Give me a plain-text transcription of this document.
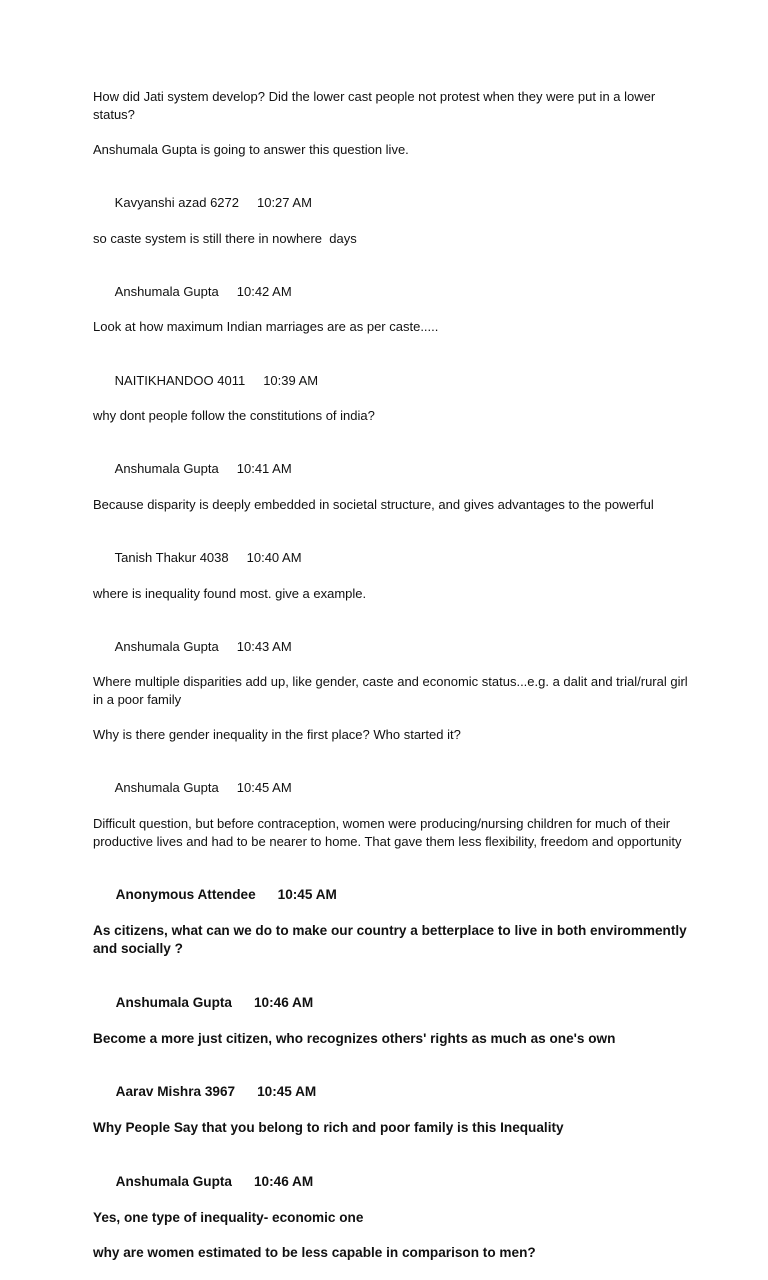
How did Jati system develop? Did the lower cast people not protest when they were put in a lower status?
Anshumala Gupta is going to answer this question live.

Kavyanshi azad 6272 10:27 AM

so caste system is still there in nowhere  days

Anshumala Gupta 10:42 AM

Look at how maximum Indian marriages are as per caste.....

NAITIKHANDOO 4011 10:39 AM

why dont people follow the constitutions of india?

Anshumala Gupta 10:41 AM

Because disparity is deeply embedded in societal structure, and gives advantages to the powerful

Tanish Thakur 4038 10:40 AM

where is inequality found most. give a example.

Anshumala Gupta 10:43 AM

Where multiple disparities add up, like gender, caste and economic status...e.g. a dalit and trial/rural girl in a poor family
Why is there gender inequality in the first place? Who started it?

Anshumala Gupta 10:45 AM

Difficult question, but before contraception, women were producing/nursing children for much of their productive lives and had to be nearer to home. That gave them less flexibility, freedom and opportunity

Anonymous Attendee 10:45 AM

As citizens, what can we do to make our country a betterplace to live in both envirommently and socially ?

Anshumala Gupta 10:46 AM

Become a more just citizen, who recognizes others' rights as much as one's own

Aarav Mishra 3967 10:45 AM

Why People Say that you belong to rich and poor family is this Inequality

Anshumala Gupta 10:46 AM

Yes, one type of inequality- economic one
why are women estimated to be less capable in comparison to men?
